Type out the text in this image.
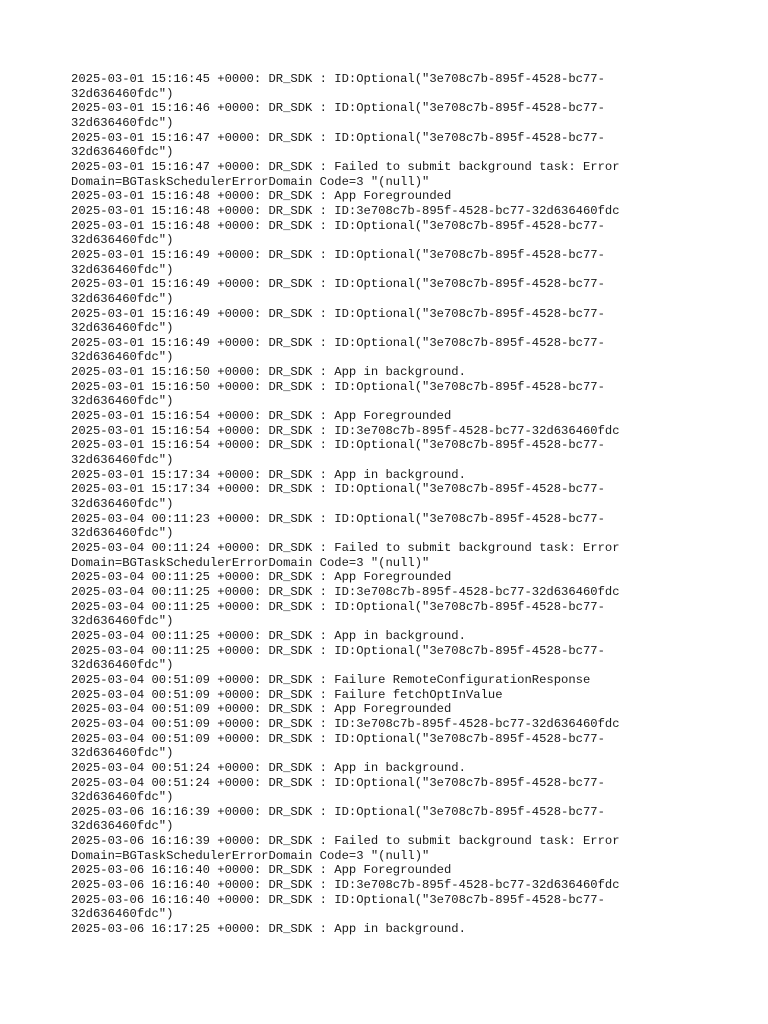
2025-03-01 15:16:45 +0000: DR_SDK : ID:Optional("3e708c7b-895f-4528-bc77-
32d636460fdc")
2025-03-01 15:16:46 +0000: DR_SDK : ID:Optional("3e708c7b-895f-4528-bc77-
32d636460fdc")
2025-03-01 15:16:47 +0000: DR_SDK : ID:Optional("3e708c7b-895f-4528-bc77-
32d636460fdc")
2025-03-01 15:16:47 +0000: DR_SDK : Failed to submit background task: Error
Domain=BGTaskSchedulerErrorDomain Code=3 "(null)"
2025-03-01 15:16:48 +0000: DR_SDK : App Foregrounded
2025-03-01 15:16:48 +0000: DR_SDK : ID:3e708c7b-895f-4528-bc77-32d636460fdc
2025-03-01 15:16:48 +0000: DR_SDK : ID:Optional("3e708c7b-895f-4528-bc77-
32d636460fdc")
2025-03-01 15:16:49 +0000: DR_SDK : ID:Optional("3e708c7b-895f-4528-bc77-
32d636460fdc")
2025-03-01 15:16:49 +0000: DR_SDK : ID:Optional("3e708c7b-895f-4528-bc77-
32d636460fdc")
2025-03-01 15:16:49 +0000: DR_SDK : ID:Optional("3e708c7b-895f-4528-bc77-
32d636460fdc")
2025-03-01 15:16:49 +0000: DR_SDK : ID:Optional("3e708c7b-895f-4528-bc77-
32d636460fdc")
2025-03-01 15:16:50 +0000: DR_SDK : App in background.
2025-03-01 15:16:50 +0000: DR_SDK : ID:Optional("3e708c7b-895f-4528-bc77-
32d636460fdc")
2025-03-01 15:16:54 +0000: DR_SDK : App Foregrounded
2025-03-01 15:16:54 +0000: DR_SDK : ID:3e708c7b-895f-4528-bc77-32d636460fdc
2025-03-01 15:16:54 +0000: DR_SDK : ID:Optional("3e708c7b-895f-4528-bc77-
32d636460fdc")
2025-03-01 15:17:34 +0000: DR_SDK : App in background.
2025-03-01 15:17:34 +0000: DR_SDK : ID:Optional("3e708c7b-895f-4528-bc77-
32d636460fdc")
2025-03-04 00:11:23 +0000: DR_SDK : ID:Optional("3e708c7b-895f-4528-bc77-
32d636460fdc")
2025-03-04 00:11:24 +0000: DR_SDK : Failed to submit background task: Error
Domain=BGTaskSchedulerErrorDomain Code=3 "(null)"
2025-03-04 00:11:25 +0000: DR_SDK : App Foregrounded
2025-03-04 00:11:25 +0000: DR_SDK : ID:3e708c7b-895f-4528-bc77-32d636460fdc
2025-03-04 00:11:25 +0000: DR_SDK : ID:Optional("3e708c7b-895f-4528-bc77-
32d636460fdc")
2025-03-04 00:11:25 +0000: DR_SDK : App in background.
2025-03-04 00:11:25 +0000: DR_SDK : ID:Optional("3e708c7b-895f-4528-bc77-
32d636460fdc")
2025-03-04 00:51:09 +0000: DR_SDK : Failure RemoteConfigurationResponse
2025-03-04 00:51:09 +0000: DR_SDK : Failure fetchOptInValue
2025-03-04 00:51:09 +0000: DR_SDK : App Foregrounded
2025-03-04 00:51:09 +0000: DR_SDK : ID:3e708c7b-895f-4528-bc77-32d636460fdc
2025-03-04 00:51:09 +0000: DR_SDK : ID:Optional("3e708c7b-895f-4528-bc77-
32d636460fdc")
2025-03-04 00:51:24 +0000: DR_SDK : App in background.
2025-03-04 00:51:24 +0000: DR_SDK : ID:Optional("3e708c7b-895f-4528-bc77-
32d636460fdc")
2025-03-06 16:16:39 +0000: DR_SDK : ID:Optional("3e708c7b-895f-4528-bc77-
32d636460fdc")
2025-03-06 16:16:39 +0000: DR_SDK : Failed to submit background task: Error
Domain=BGTaskSchedulerErrorDomain Code=3 "(null)"
2025-03-06 16:16:40 +0000: DR_SDK : App Foregrounded
2025-03-06 16:16:40 +0000: DR_SDK : ID:3e708c7b-895f-4528-bc77-32d636460fdc
2025-03-06 16:16:40 +0000: DR_SDK : ID:Optional("3e708c7b-895f-4528-bc77-
32d636460fdc")
2025-03-06 16:17:25 +0000: DR_SDK : App in background.
